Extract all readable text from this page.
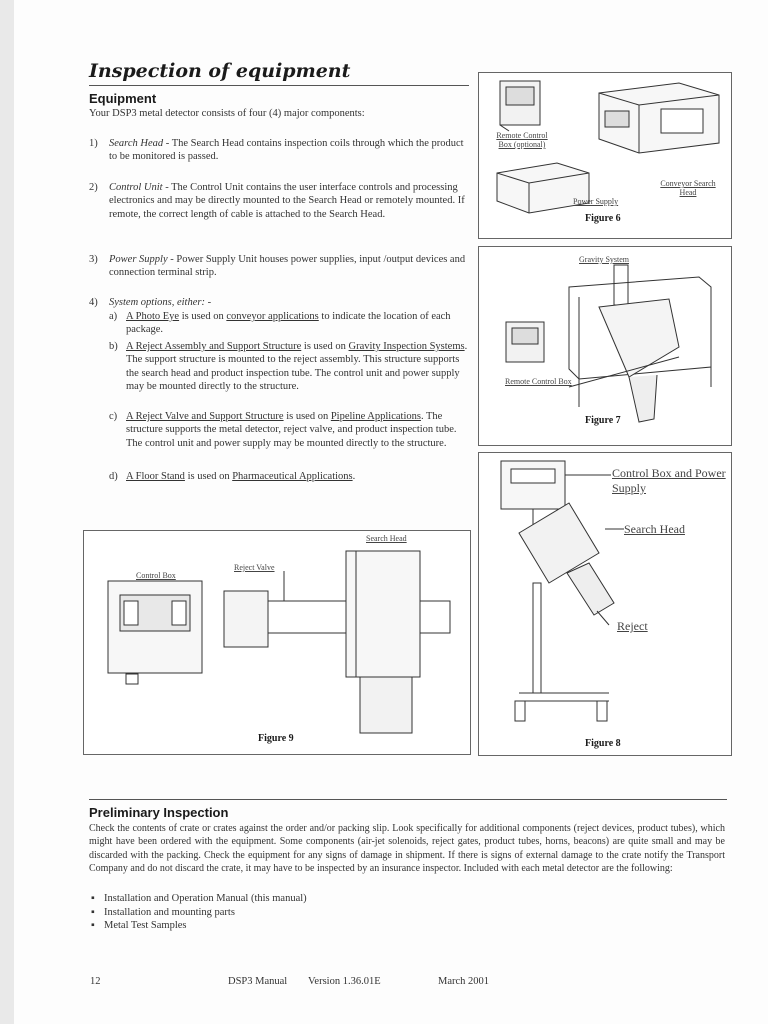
Inspection of equipment
Equipment
Your DSP3 metal detector consists of four (4) major components:
1) Search Head - The Search Head contains inspection coils through which the product to be monitored is passed.
2) Control Unit - The Control Unit contains the user interface controls and processing electronics and may be directly mounted to the Search Head or remotely mounted. If remote, the correct length of cable is attached to the Search Head.
3) Power Supply - Power Supply Unit houses power supplies, input /output devices and connection terminal strip.
4) System options, either: -
a) A Photo Eye is used on conveyor applications to indicate the location of each package.
b) A Reject Assembly and Support Structure is used on Gravity Inspection Systems. The support structure is mounted to the reject assembly. This structure supports the search head and product inspection tube. The control unit and power supply may be mounted directly to the structure.
c) A Reject Valve and Support Structure is used on Pipeline Applications. The structure supports the metal detector, reject valve, and product inspection tube. The control unit and power supply may be mounted directly to the structure.
d) A Floor Stand is used on Pharmaceutical Applications.
Remote Control Box (optional)
Power Supply
Conveyor Search Head
Figure 6
Gravity System
Remote Control Box
Figure 7
Control Box and Power Supply
Search Head
Reject
Figure 8
Search Head
Control Box
Reject Valve
Figure 9
Preliminary Inspection
Check the contents of crate or crates against the order and/or packing slip. Look specifically for additional components (reject devices, product tubes), which might have been ordered with the equipment. Some components (air-jet solenoids, reject gates, product tubes, horns, beacons) are quite small and may be discarded with the packing. Check the equipment for any signs of damage in shipment. If there is signs of external damage to the crate notify the Transport Company and do not discard the crate, it may have to be inspected by an insurance inspector. Included with each metal detector are the following:
▪ Installation and Operation Manual (this manual)
▪ Installation and mounting parts
▪ Metal Test Samples
12	DSP3 Manual Version 1.36.01E	March 2001
